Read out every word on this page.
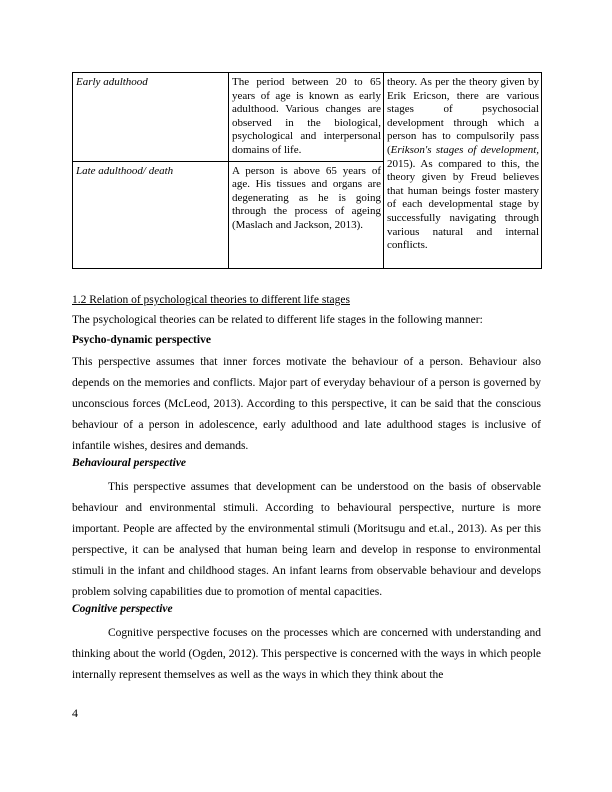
Early adulthood	The period between 20 to 65 years of age is known as early adulthood. Various changes are observed in the biological, psychological and interpersonal domains of life.	theory. As per the theory given by Erik Ericson, there are various stages of psychosocial development through which a person has to compulsorily pass (Erikson's stages of development, 2015). As compared to this, the theory given by Freud believes that human beings foster mastery of each developmental stage by successfully navigating through various natural and internal conflicts.
Late adulthood/ death	A person is above 65 years of age. His tissues and organs are degenerating as he is going through the process of ageing (Maslach and Jackson, 2013).	
1.2 Relation of psychological theories to different life stages
The psychological theories can be related to different life stages in the following manner:
Psycho-dynamic perspective
This perspective assumes that inner forces motivate the behaviour of a person. Behaviour also depends on the memories and conflicts. Major part of everyday behaviour of a person is governed by unconscious forces (McLeod, 2013). According to this perspective, it can be said that the conscious behaviour of a person in adolescence, early adulthood and late adulthood stages is inclusive of infantile wishes, desires and demands.
Behavioural perspective
This perspective assumes that development can be understood on the basis of observable behaviour and environmental stimuli. According to behavioural perspective, nurture is more important. People are affected by the environmental stimuli (Moritsugu and et.al., 2013). As per this perspective, it can be analysed that human being learn and develop in response to environmental stimuli in the infant and childhood stages. An infant learns from observable behaviour and develops problem solving capabilities due to promotion of mental capacities.
Cognitive perspective
Cognitive perspective focuses on the processes which are concerned with understanding and thinking about the world (Ogden, 2012). This perspective is concerned with the ways in which people internally represent themselves as well as the ways in which they think about the
4
